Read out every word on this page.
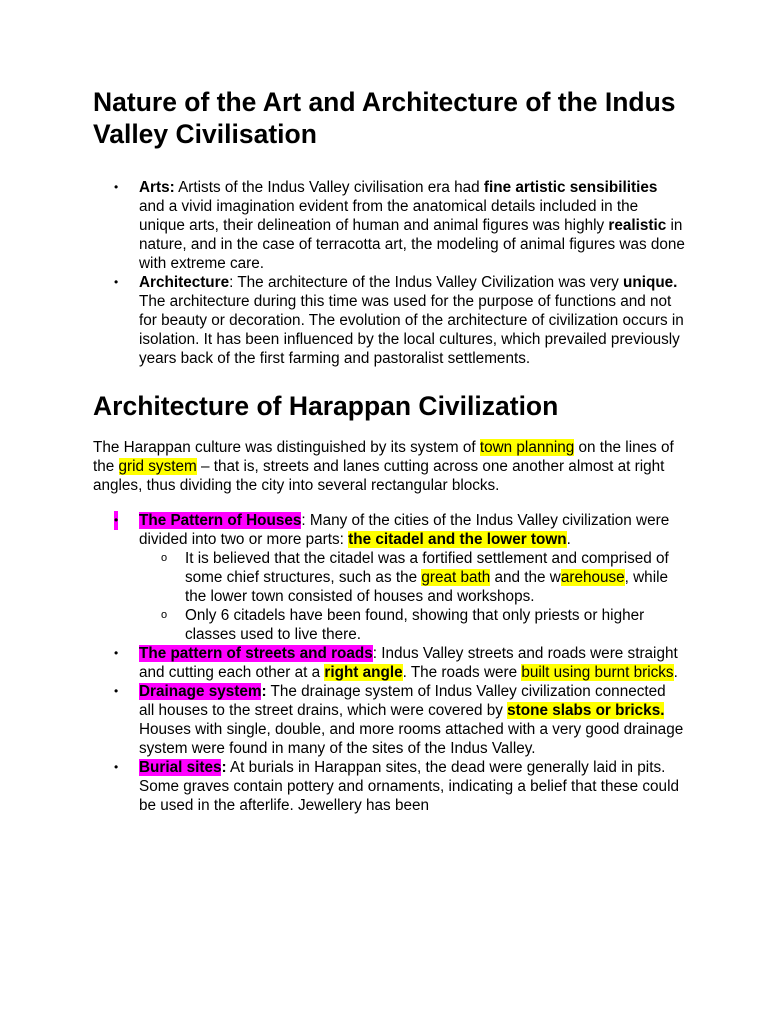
Nature of the Art and Architecture of the Indus Valley Civilisation
• Arts: Artists of the Indus Valley civilisation era had fine artistic sensibilities and a vivid imagination evident from the anatomical details included in the unique arts, their delineation of human and animal figures was highly realistic in nature, and in the case of terracotta art, the modeling of animal figures was done with extreme care.
• Architecture: The architecture of the Indus Valley Civilization was very unique. The architecture during this time was used for the purpose of functions and not for beauty or decoration. The evolution of the architecture of civilization occurs in isolation. It has been influenced by the local cultures, which prevailed previously years back of the first farming and pastoralist settlements.
Architecture of Harappan Civilization

The Harappan culture was distinguished by its system of town planning on the lines of the grid system – that is, streets and lanes cutting across one another almost at right angles, thus dividing the city into several rectangular blocks.

• The Pattern of Houses: Many of the cities of the Indus Valley civilization were divided into two or more parts: the citadel and the lower town.
o It is believed that the citadel was a fortified settlement and comprised of some chief structures, such as the great bath and the warehouse, while the lower town consisted of houses and workshops.
o Only 6 citadels have been found, showing that only priests or higher classes used to live there.
• The pattern of streets and roads: Indus Valley streets and roads were straight and cutting each other at a right angle. The roads were built using burnt bricks.
• Drainage system: The drainage system of Indus Valley civilization connected all houses to the street drains, which were covered by stone slabs or bricks. Houses with single, double, and more rooms attached with a very good drainage system were found in many of the sites of the Indus Valley.
• Burial sites: At burials in Harappan sites, the dead were generally laid in pits. Some graves contain pottery and ornaments, indicating a belief that these could be used in the afterlife. Jewellery has been
